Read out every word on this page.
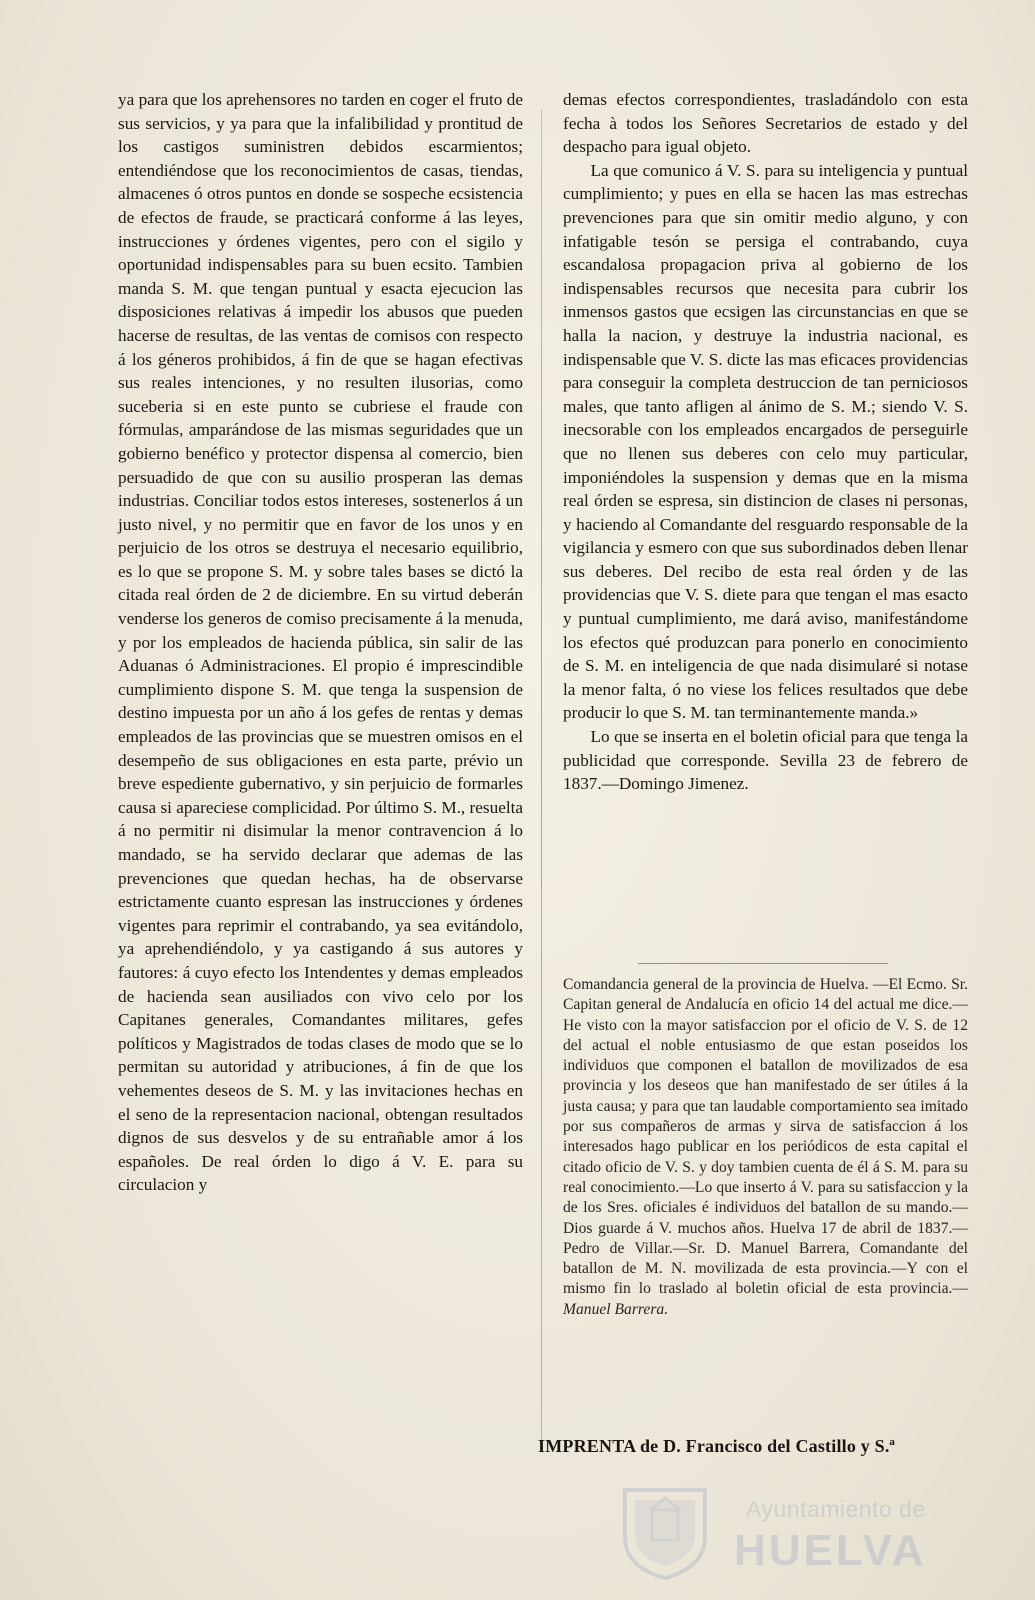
ya para que los aprehensores no tarden en coger el fruto de sus servicios, y ya para que la infalibilidad y prontitud de los castigos suministren debidos escarmientos; entendiéndose que los reconocimientos de casas, tiendas, almacenes ó otros puntos en donde se sospeche ecsistencia de efectos de fraude, se practicará conforme á las leyes, instrucciones y órdenes vigentes, pero con el sigilo y oportunidad indispensables para su buen ecsito. Tambien manda S. M. que tengan puntual y esacta ejecucion las disposiciones relativas á impedir los abusos que pueden hacerse de resultas, de las ventas de comisos con respecto á los géneros prohibidos, á fin de que se hagan efectivas sus reales intenciones, y no resulten ilusorias, como suceberia si en este punto se cubriese el fraude con fórmulas, amparándose de las mismas seguridades que un gobierno benéfico y protector dispensa al comercio, bien persuadido de que con su ausilio prosperan las demas industrias. Conciliar todos estos intereses, sostenerlos á un justo nivel, y no permitir que en favor de los unos y en perjuicio de los otros se destruya el necesario equilibrio, es lo que se propone S. M. y sobre tales bases se dictó la citada real órden de 2 de diciembre. En su virtud deberán venderse los generos de comiso precisamente á la menuda, y por los empleados de hacienda pública, sin salir de las Aduanas ó Administraciones. El propio é imprescindible cumplimiento dispone S. M. que tenga la suspension de destino impuesta por un año á los gefes de rentas y demas empleados de las provincias que se muestren omisos en el desempeño de sus obligaciones en esta parte, prévio un breve espediente gubernativo, y sin perjuicio de formarles causa si apareciese complicidad. Por último S. M., resuelta á no permitir ni disimular la menor contravencion á lo mandado, se ha servido declarar que ademas de las prevenciones que quedan hechas, ha de observarse estrictamente cuanto espresan las instrucciones y órdenes vigentes para reprimir el contrabando, ya sea evitándolo, ya aprehendiéndolo, y ya castigando á sus autores y fautores: á cuyo efecto los Intendentes y demas empleados de hacienda sean ausiliados con vivo celo por los Capitanes generales, Comandantes militares, gefes políticos y Magistrados de todas clases de modo que se lo permitan su autoridad y atribuciones, á fin de que los vehementes deseos de S. M. y las invitaciones hechas en el seno de la representacion nacional, obtengan resultados dignos de sus desvelos y de su entrañable amor á los españoles. De real órden lo digo á V. E. para su circulacion y

demas efectos correspondientes, trasladándolo con esta fecha à todos los Señores Secretarios de estado y del despacho para igual objeto.

La que comunico á V. S. para su inteligencia y puntual cumplimiento; y pues en ella se hacen las mas estrechas prevenciones para que sin omitir medio alguno, y con infatigable tesón se persiga el contrabando, cuya escandalosa propagacion priva al gobierno de los indispensables recursos que necesita para cubrir los inmensos gastos que ecsigen las circunstancias en que se halla la nacion, y destruye la industria nacional, es indispensable que V. S. dicte las mas eficaces providencias para conseguir la completa destruccion de tan perniciosos males, que tanto afligen al ánimo de S. M.; siendo V. S. inecsorable con los empleados encargados de perseguirle que no llenen sus deberes con celo muy particular, imponiéndoles la suspension y demas que en la misma real órden se espresa, sin distincion de clases ni personas, y haciendo al Comandante del resguardo responsable de la vigilancia y esmero con que sus subordinados deben llenar sus deberes. Del recibo de esta real órden y de las providencias que V. S. diete para que tengan el mas esacto y puntual cumplimiento, me dará aviso, manifestándome los efectos qué produzcan para ponerlo en conocimiento de S. M. en inteligencia de que nada disimularé si notase la menor falta, ó no viese los felices resultados que debe producir lo que S. M. tan terminantemente manda.»

Lo que se inserta en el boletin oficial para que tenga la publicidad que corresponde. Sevilla 23 de febrero de 1837.—Domingo Jimenez.

Comandancia general de la provincia de Huelva. —El Ecmo. Sr. Capitan general de Andalucía en oficio 14 del actual me dice.—He visto con la mayor satisfaccion por el oficio de V. S. de 12 del actual el noble entusiasmo de que estan poseidos los individuos que componen el batallon de movilizados de esa provincia y los deseos que han manifestado de ser útiles á la justa causa; y para que tan laudable comportamiento sea imitado por sus compañeros de armas y sirva de satisfaccion á los interesados hago publicar en los periódicos de esta capital el citado oficio de V. S. y doy tambien cuenta de él á S. M. para su real conocimiento.—Lo que inserto á V. para su satisfaccion y la de los Sres. oficiales é individuos del batallon de su mando.—Dios guarde á V. muchos años. Huelva 17 de abril de 1837.—Pedro de Villar.—Sr. D. Manuel Barrera, Comandante del batallon de M. N. movilizada de esta provincia.—Y con el mismo fin lo traslado al boletin oficial de esta provincia.— Manuel Barrera.
IMPRENTA de D. Francisco del Castillo y S.ª
Ayuntamiento de
HUELVA
